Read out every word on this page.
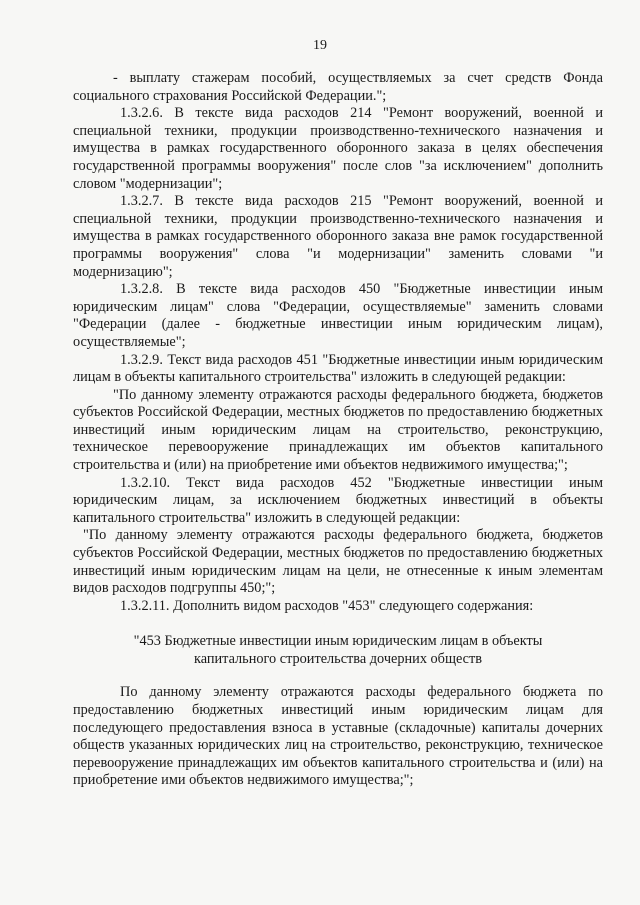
19

- выплату стажерам пособий, осуществляемых за счет средств Фонда социального страхования Российской Федерации.";

1.3.2.6. В тексте вида расходов 214 "Ремонт вооружений, военной и специальной техники, продукции производственно-технического назначения и имущества в рамках государственного оборонного заказа в целях обеспечения государственной программы вооружения" после слов "за исключением" дополнить словом "модернизации";

1.3.2.7. В тексте вида расходов 215 "Ремонт вооружений, военной и специальной техники, продукции производственно-технического назначения и имущества в рамках государственного оборонного заказа вне рамок государственной программы вооружения" слова "и модернизации" заменить словами "и модернизацию";

1.3.2.8. В тексте вида расходов 450 "Бюджетные инвестиции иным юридическим лицам" слова "Федерации, осуществляемые" заменить словами "Федерации (далее - бюджетные инвестиции иным юридическим лицам), осуществляемые";

1.3.2.9. Текст вида расходов 451 "Бюджетные инвестиции иным юридическим лицам в объекты капитального строительства" изложить в следующей редакции:

"По данному элементу отражаются расходы федерального бюджета, бюджетов субъектов Российской Федерации, местных бюджетов по предоставлению бюджетных инвестиций иным юридическим лицам на строительство, реконструкцию, техническое перевооружение принадлежащих им объектов капитального строительства и (или) на приобретение ими объектов недвижимого имущества;";

1.3.2.10. Текст вида расходов 452 "Бюджетные инвестиции иным юридическим лицам, за исключением бюджетных инвестиций в объекты капитального строительства" изложить в следующей редакции:

"По данному элементу отражаются расходы федерального бюджета, бюджетов субъектов Российской Федерации, местных бюджетов по предоставлению бюджетных инвестиций иным юридическим лицам на цели, не отнесенные к иным элементам видов расходов подгруппы 450;";

1.3.2.11. Дополнить видом расходов "453" следующего содержания:

"453 Бюджетные инвестиции иным юридическим лицам в объекты
капитального строительства дочерних обществ

По данному элементу отражаются расходы федерального бюджета по предоставлению бюджетных инвестиций иным юридическим лицам для последующего предоставления взноса в уставные (складочные) капиталы дочерних обществ указанных юридических лиц на строительство, реконструкцию, техническое перевооружение принадлежащих им объектов капитального строительства и (или) на приобретение ими объектов недвижимого имущества;";
